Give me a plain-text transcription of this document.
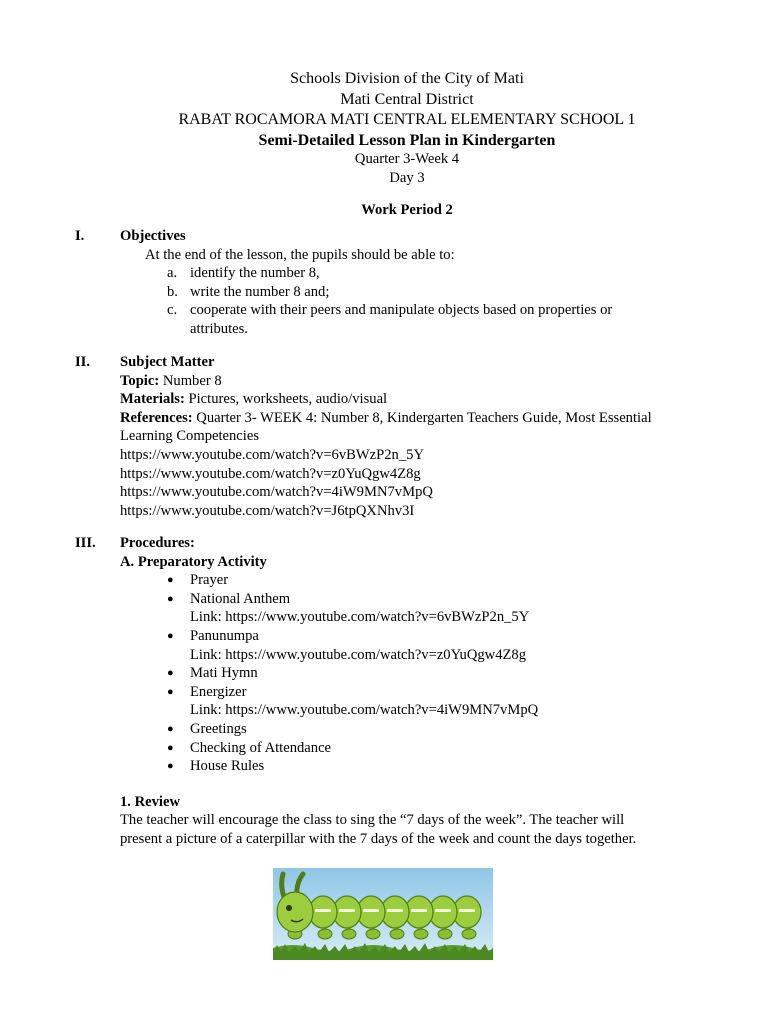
Schools Division of the City of Mati
Mati Central District
RABAT ROCAMORA MATI CENTRAL ELEMENTARY SCHOOL 1
Semi-Detailed Lesson Plan in Kindergarten
Quarter 3-Week 4
Day 3
Work Period 2
I. Objectives
At the end of the lesson, the pupils should be able to:
a. identify the number 8,
b. write the number 8 and;
c. cooperate with their peers and manipulate objects based on properties or
attributes.
II. Subject Matter
Topic: Number 8
Materials: Pictures, worksheets, audio/visual
References: Quarter 3- WEEK 4: Number 8, Kindergarten Teachers Guide, Most Essential
Learning Competencies
https://www.youtube.com/watch?v=6vBWzP2n_5Y
https://www.youtube.com/watch?v=z0YuQgw4Z8g
https://www.youtube.com/watch?v=4iW9MN7vMpQ
https://www.youtube.com/watch?v=J6tpQXNhv3I
III. Procedures:
A. Preparatory Activity
● Prayer
● National Anthem
Link: https://www.youtube.com/watch?v=6vBWzP2n_5Y
● Panunumpa
Link: https://www.youtube.com/watch?v=z0YuQgw4Z8g
● Mati Hymn
● Energizer
Link: https://www.youtube.com/watch?v=4iW9MN7vMpQ
● Greetings
● Checking of Attendance
● House Rules
1. Review
The teacher will encourage the class to sing the “7 days of the week”. The teacher will
present a picture of a caterpillar with the 7 days of the week and count the days together.
